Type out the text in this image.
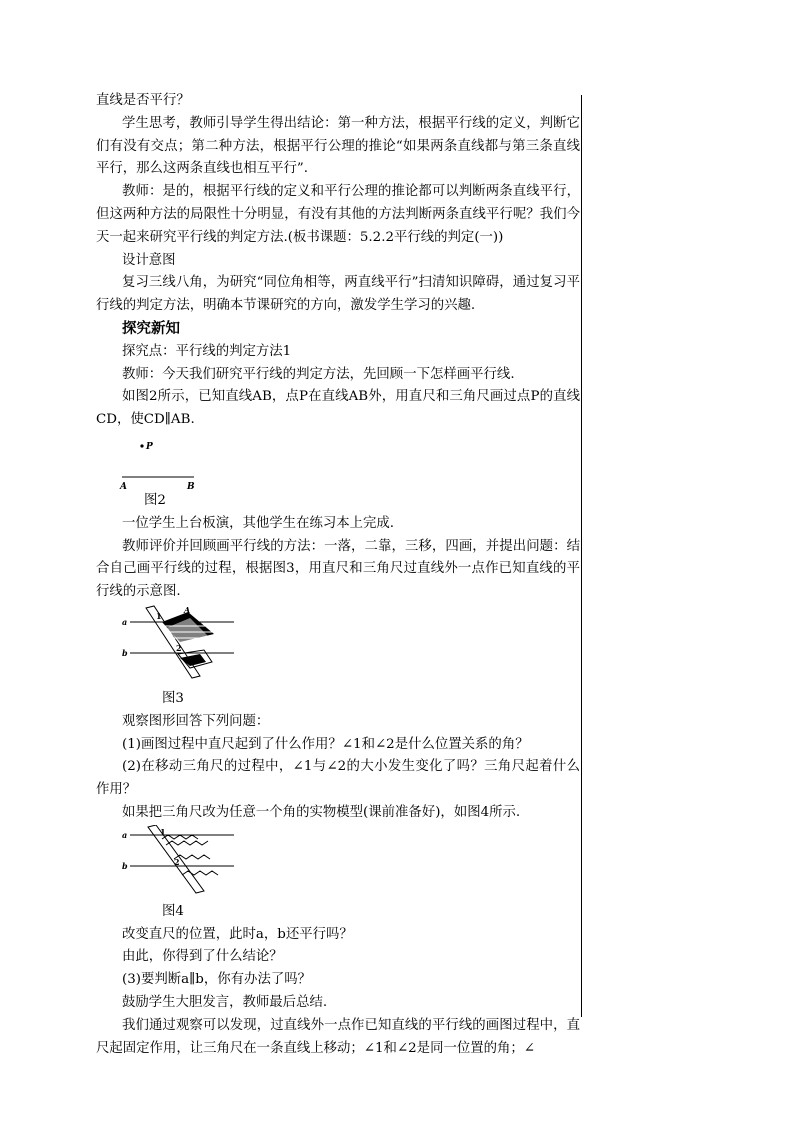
直线是否平行？

学生思考，教师引导学生得出结论：第一种方法，根据平行线的定义，判断它们有没有交点；第二种方法，根据平行公理的推论“如果两条直线都与第三条直线平行，那么这两条直线也相互平行”.

教师：是的，根据平行线的定义和平行公理的推论都可以判断两条直线平行，但这两种方法的局限性十分明显，有没有其他的方法判断两条直线平行呢？我们今天一起来研究平行线的判定方法.(板书课题：5.2.2平行线的判定(一))

设计意图

复习三线八角，为研究“同位角相等，两直线平行”扫清知识障碍，通过复习平行线的判定方法，明确本节课研究的方向，激发学生学习的兴趣.

探究新知

探究点：平行线的判定方法1

教师：今天我们研究平行线的判定方法，先回顾一下怎样画平行线.

如图2所示，已知直线AB，点P在直线AB外，用直尺和三角尺画过点P的直线CD，使CD∥AB.

P
A	B

图2

一位学生上台板演，其他学生在练习本上完成.

教师评价并回顾画平行线的方法：一落，二靠，三移，四画，并提出问题：结合自己画平行线的过程，根据图3，用直尺和三角尺过直线外一点作已知直线的平行线的示意图.

a
b
A
1
2

图3

观察图形回答下列问题：

(1)画图过程中直尺起到了什么作用？∠1和∠2是什么位置关系的角？

(2)在移动三角尺的过程中，∠1与∠2的大小发生变化了吗？三角尺起着什么作用？

如果把三角尺改为任意一个角的实物模型(课前准备好)，如图4所示.

a
b
1
2

图4

改变直尺的位置，此时a，b还平行吗？

由此，你得到了什么结论？

(3)要判断a∥b，你有办法了吗？

鼓励学生大胆发言，教师最后总结.

我们通过观察可以发现，过直线外一点作已知直线的平行线的画图过程中，直尺起固定作用，让三角尺在一条直线上移动；∠1和∠2是同一位置的角；∠
